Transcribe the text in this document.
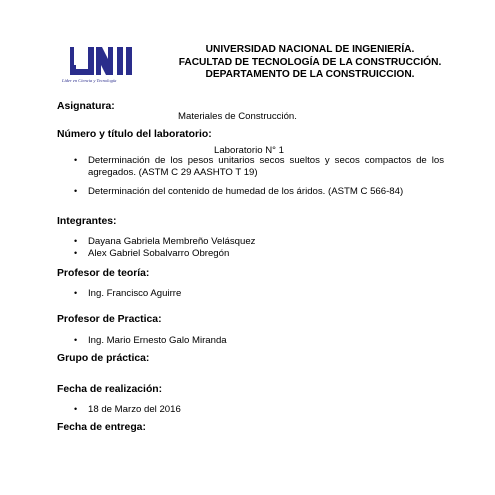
Líder en Ciencia y Tecnología
UNIVERSIDAD NACIONAL DE INGENIERÍA.
FACULTAD DE TECNOLOGÍA DE LA CONSTRUCCIÓN.
DEPARTAMENTO DE LA CONSTRUICCION.
Asignatura:
Materiales de Construcción.
Número y título del laboratorio:
Laboratorio N° 1
•	Determinación de los pesos unitarios secos sueltos y secos compactos de los agregados. (ASTM C 29 AASHTO T 19)
•	Determinación del contenido de humedad de los áridos. (ASTM C 566-84)
Integrantes:
•	Dayana Gabriela Membreño Velásquez
•	Alex Gabriel Sobalvarro Obregón
Profesor de teoría:
•	Ing. Francisco Aguirre
Profesor de Practica:
•	Ing. Mario Ernesto Galo Miranda
Grupo de práctica:
Fecha de realización:
•	18 de Marzo del 2016
Fecha de entrega:
